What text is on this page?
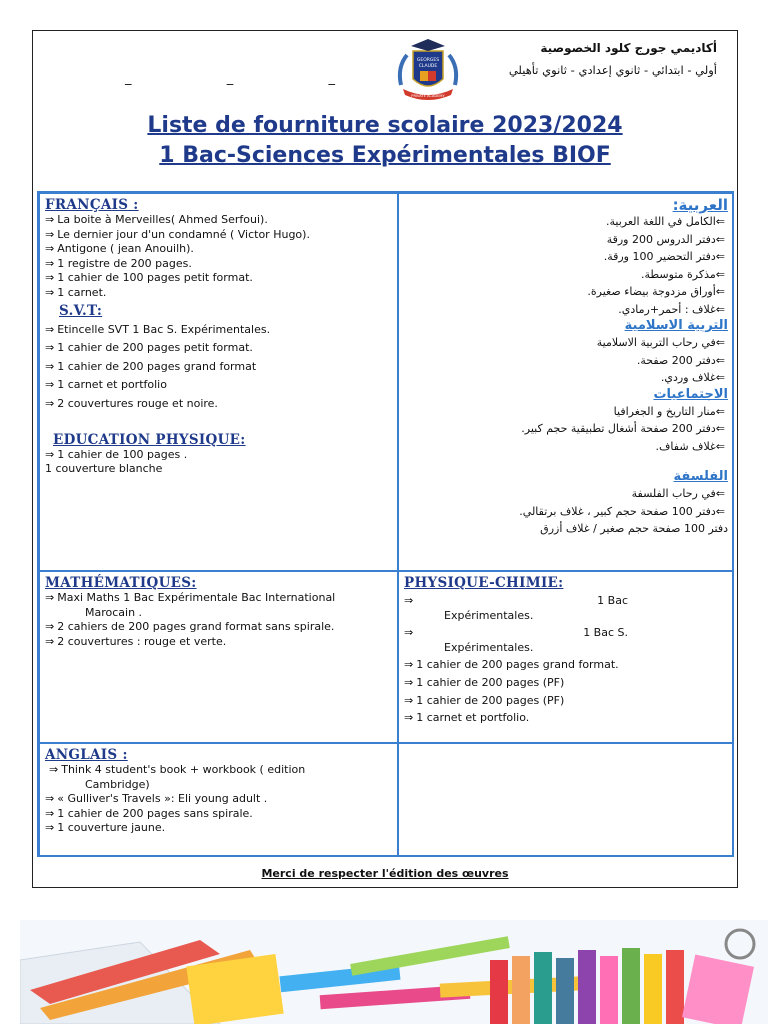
_	_	_
GEORGES
CLAUDE
PRIVATE ACADEMY
أكاديمي جورج كلود الخصوصية
أولي - ابتدائي - ثانوي إعدادي - ثانوي تأهيلي
Liste de fourniture scolaire 2023/2024
1 Bac-Sciences Expérimentales BIOF
FRANÇAIS :
⇒ La boite à Merveilles( Ahmed Serfoui).
⇒ Le dernier jour d'un condamné ( Victor Hugo).
⇒ Antigone ( jean Anouilh).
⇒ 1 registre de 200 pages.
⇒ 1 cahier de 100 pages petit format.
⇒ 1 carnet.
S.V.T:
⇒ Etincelle SVT 1 Bac S. Expérimentales.
⇒ 1 cahier de 200 pages petit format.
⇒ 1 cahier de 200 pages grand format
⇒ 1 carnet et portfolio
⇒ 2 couvertures rouge et noire.
EDUCATION PHYSIQUE:
⇒ 1 cahier de 100 pages .
1 couverture blanche
العربية:
⇐الكامل في اللغة العربية.
⇐دفتر الدروس 200 ورقة
⇐دفتر التحضير 100 ورقة.
⇐مذكرة متوسطة.
⇐أوراق مزدوجة بيضاء صغيرة.
⇐غلاف : أحمر+رمادي.
التربية الاسلامية
⇐في رحاب التربية الاسلامية
⇐دفتر 200 صفحة.
⇐غلاف وردي.
الاجتماعيات
⇐منار التاريخ و الجغرافيا
⇐دفتر 200 صفحة أشغال تطبيقية حجم كبير.
⇐غلاف شفاف.
الفلسفة
⇐في رحاب الفلسفة
⇐دفتر 100 صفحة حجم كبير ، غلاف برتقالي.
دفتر 100 صفحة حجم صغير / غلاف أزرق
MATHÉMATIQUES:
⇒ Maxi Maths 1 Bac Expérimentale Bac International
Marocain .
⇒ 2 cahiers de 200 pages grand format sans spirale.
⇒ 2 couvertures : rouge et verte.
PHYSIQUE-CHIMIE:
⇒	1 Bac
Expérimentales.
⇒	1 Bac S.
Expérimentales.
⇒ 1 cahier de 200 pages grand format.
⇒ 1 cahier de 200 pages (PF)
⇒ 1 cahier de 200 pages (PF)
⇒ 1 carnet et portfolio.
ANGLAIS :
⇒ Think 4 student's book + workbook ( edition
Cambridge)
⇒ « Gulliver's Travels »: Eli young adult .
⇒ 1 cahier de 200 pages sans spirale.
⇒ 1 couverture jaune.
Merci de respecter l'édition des œuvres
